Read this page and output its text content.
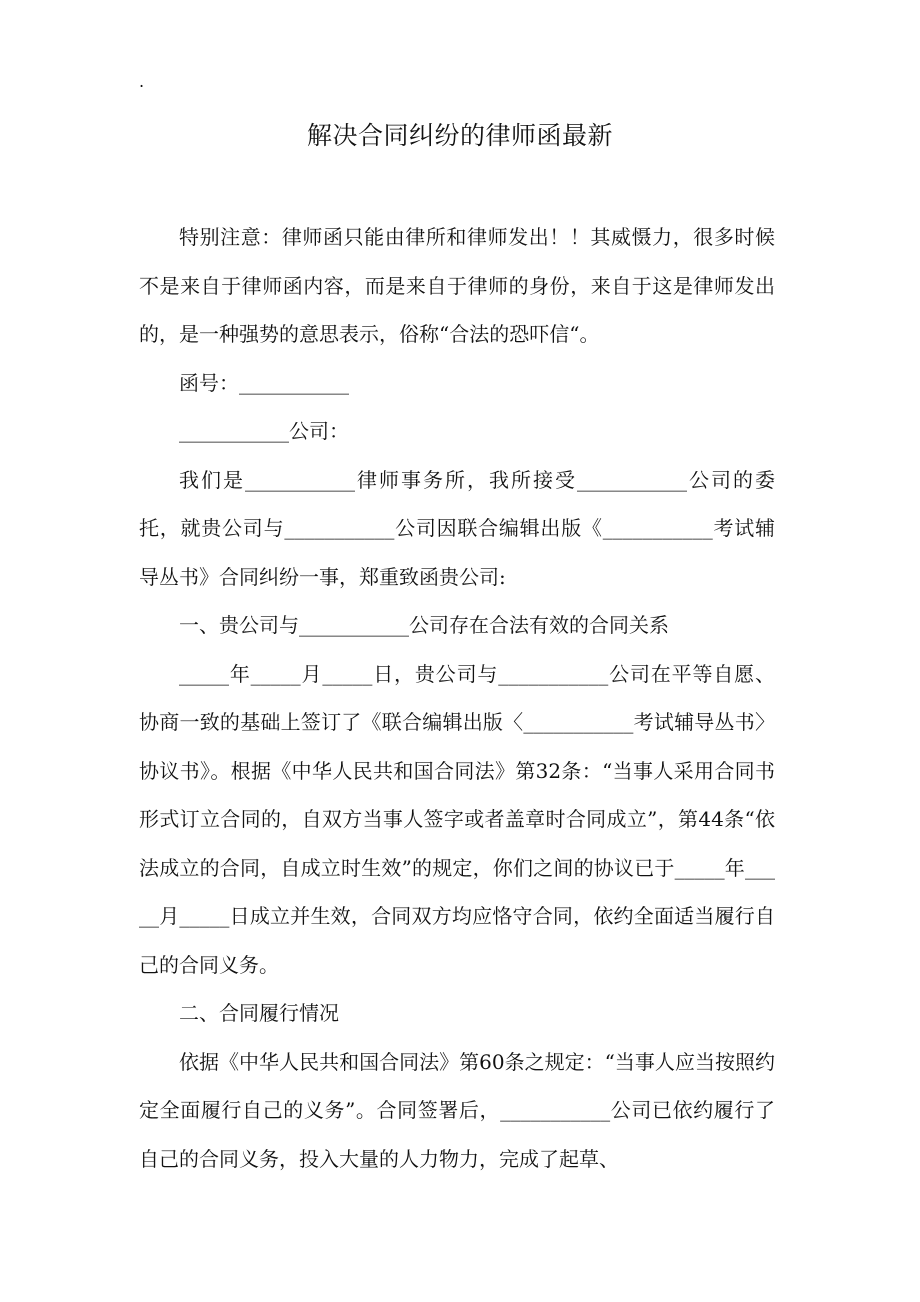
.
解决合同纠纷的律师函最新

特别注意：律师函只能由律所和律师发出！！其威慑力，很多时候不是来自于律师函内容，而是来自于律师的身份，来自于这是律师发出的，是一种强势的意思表示，俗称“合法的恐吓信“。

函号：___________

___________公司：

我们是___________律师事务所，我所接受___________公司的委托，就贵公司与___________公司因联合编辑出版《___________考试辅导丛书》合同纠纷一事，郑重致函贵公司:

一、贵公司与___________公司存在合法有效的合同关系

_____年_____月_____日，贵公司与___________公司在平等自愿、协商一致的基础上签订了《联合编辑出版〈___________考试辅导丛书〉协议书》。根据《中华人民共和国合同法》第32条：“当事人采用合同书形式订立合同的，自双方当事人签字或者盖章时合同成立”，第44条“依法成立的合同，自成立时生效”的规定，你们之间的协议已于_____年_____月_____日成立并生效，合同双方均应恪守合同，依约全面适当履行自己的合同义务。

二、合同履行情况

依据《中华人民共和国合同法》第60条之规定：“当事人应当按照约定全面履行自己的义务”。合同签署后，___________公司已依约履行了自己的合同义务，投入大量的人力物力，完成了起草、
